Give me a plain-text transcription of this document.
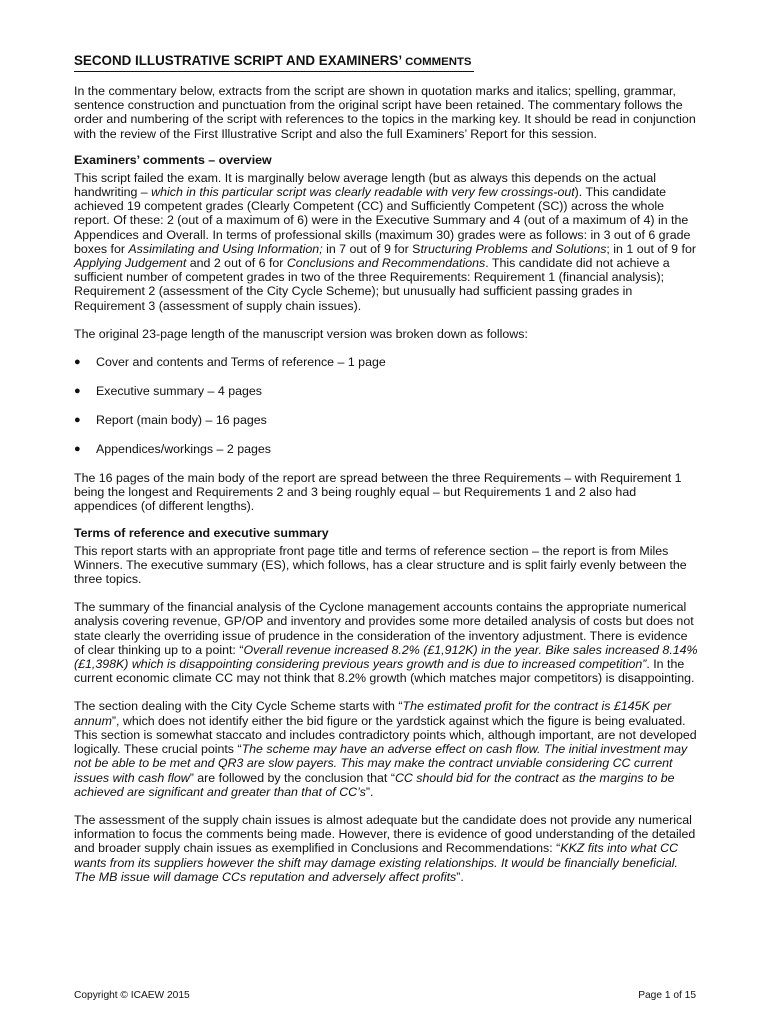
SECOND ILLUSTRATIVE SCRIPT AND EXAMINERS’ COMMENTS

In the commentary below, extracts from the script are shown in quotation marks and italics; spelling, grammar, sentence construction and punctuation from the original script have been retained. The commentary follows the order and numbering of the script with references to the topics in the marking key. It should be read in conjunction with the review of the First Illustrative Script and also the full Examiners’ Report for this session.

Examiners’ comments – overview

This script failed the exam. It is marginally below average length (but as always this depends on the actual handwriting – which in this particular script was clearly readable with very few crossings-out). This candidate achieved 19 competent grades (Clearly Competent (CC) and Sufficiently Competent (SC)) across the whole report. Of these: 2 (out of a maximum of 6) were in the Executive Summary and 4 (out of a maximum of 4) in the Appendices and Overall. In terms of professional skills (maximum 30) grades were as follows: in 3 out of 6 grade boxes for Assimilating and Using Information; in 7 out of 9 for Structuring Problems and Solutions; in 1 out of 9 for Applying Judgement and 2 out of 6 for Conclusions and Recommendations. This candidate did not achieve a sufficient number of competent grades in two of the three Requirements: Requirement 1 (financial analysis); Requirement 2 (assessment of the City Cycle Scheme); but unusually had sufficient passing grades in Requirement 3 (assessment of supply chain issues).

The original 23-page length of the manuscript version was broken down as follows:

● Cover and contents and Terms of reference – 1 page
● Executive summary – 4 pages
● Report (main body) – 16 pages
● Appendices/workings – 2 pages

The 16 pages of the main body of the report are spread between the three Requirements – with Requirement 1 being the longest and Requirements 2 and 3 being roughly equal – but Requirements 1 and 2 also had appendices (of different lengths).

Terms of reference and executive summary

This report starts with an appropriate front page title and terms of reference section – the report is from Miles Winners. The executive summary (ES), which follows, has a clear structure and is split fairly evenly between the three topics.

The summary of the financial analysis of the Cyclone management accounts contains the appropriate numerical analysis covering revenue, GP/OP and inventory and provides some more detailed analysis of costs but does not state clearly the overriding issue of prudence in the consideration of the inventory adjustment. There is evidence of clear thinking up to a point: “Overall revenue increased 8.2% (£1,912K) in the year. Bike sales increased 8.14% (£1,398K) which is disappointing considering previous years growth and is due to increased competition”. In the current economic climate CC may not think that 8.2% growth (which matches major competitors) is disappointing.

The section dealing with the City Cycle Scheme starts with “The estimated profit for the contract is £145K per annum”, which does not identify either the bid figure or the yardstick against which the figure is being evaluated. This section is somewhat staccato and includes contradictory points which, although important, are not developed logically. These crucial points “The scheme may have an adverse effect on cash flow. The initial investment may not be able to be met and QR3 are slow payers. This may make the contract unviable considering CC current issues with cash flow” are followed by the conclusion that “CC should bid for the contract as the margins to be achieved are significant and greater than that of CC’s”.

The assessment of the supply chain issues is almost adequate but the candidate does not provide any numerical information to focus the comments being made. However, there is evidence of good understanding of the detailed and broader supply chain issues as exemplified in Conclusions and Recommendations: “KKZ fits into what CC wants from its suppliers however the shift may damage existing relationships. It would be financially beneficial. The MB issue will damage CCs reputation and adversely affect profits”.

Copyright © ICAEW 2015	Page 1 of 15
